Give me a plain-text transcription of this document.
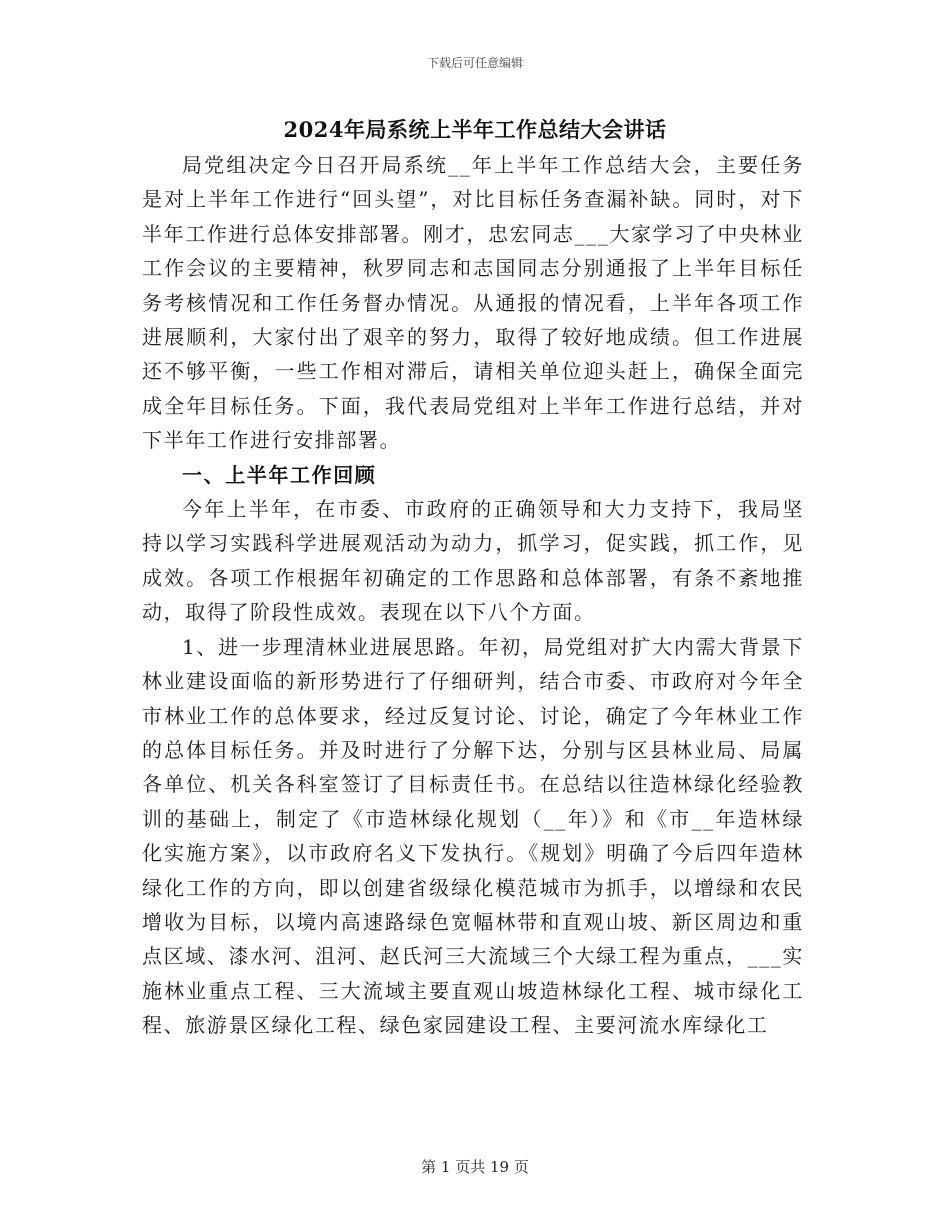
下载后可任意编辑
2024年局系统上半年工作总结大会讲话

局党组决定今日召开局系统__年上半年工作总结大会，主要任务是对上半年工作进行“回头望”，对比目标任务查漏补缺。同时，对下半年工作进行总体安排部署。刚才，忠宏同志___大家学习了中央林业工作会议的主要精神，秋罗同志和志国同志分别通报了上半年目标任务考核情况和工作任务督办情况。从通报的情况看，上半年各项工作进展顺利，大家付出了艰辛的努力，取得了较好地成绩。但工作进展还不够平衡，一些工作相对滞后，请相关单位迎头赶上，确保全面完成全年目标任务。下面，我代表局党组对上半年工作进行总结，并对下半年工作进行安排部署。

一、上半年工作回顾

今年上半年，在市委、市政府的正确领导和大力支持下，我局坚持以学习实践科学进展观活动为动力，抓学习，促实践，抓工作，见成效。各项工作根据年初确定的工作思路和总体部署，有条不紊地推动，取得了阶段性成效。表现在以下八个方面。

1、进一步理清林业进展思路。年初，局党组对扩大内需大背景下林业建设面临的新形势进行了仔细研判，结合市委、市政府对今年全市林业工作的总体要求，经过反复讨论、讨论，确定了今年林业工作的总体目标任务。并及时进行了分解下达，分别与区县林业局、局属各单位、机关各科室签订了目标责任书。在总结以往造林绿化经验教训的基础上，制定了《市造林绿化规划（__年）》和《市__年造林绿化实施方案》，以市政府名义下发执行。《规划》明确了今后四年造林绿化工作的方向，即以创建省级绿化模范城市为抓手，以增绿和农民增收为目标，以境内高速路绿色宽幅林带和直观山坡、新区周边和重点区域、漆水河、沮河、赵氏河三大流域三个大绿工程为重点，___实施林业重点工程、三大流域主要直观山坡造林绿化工程、城市绿化工程、旅游景区绿化工程、绿色家园建设工程、主要河流水库绿化工

第 1 页共 19 页
